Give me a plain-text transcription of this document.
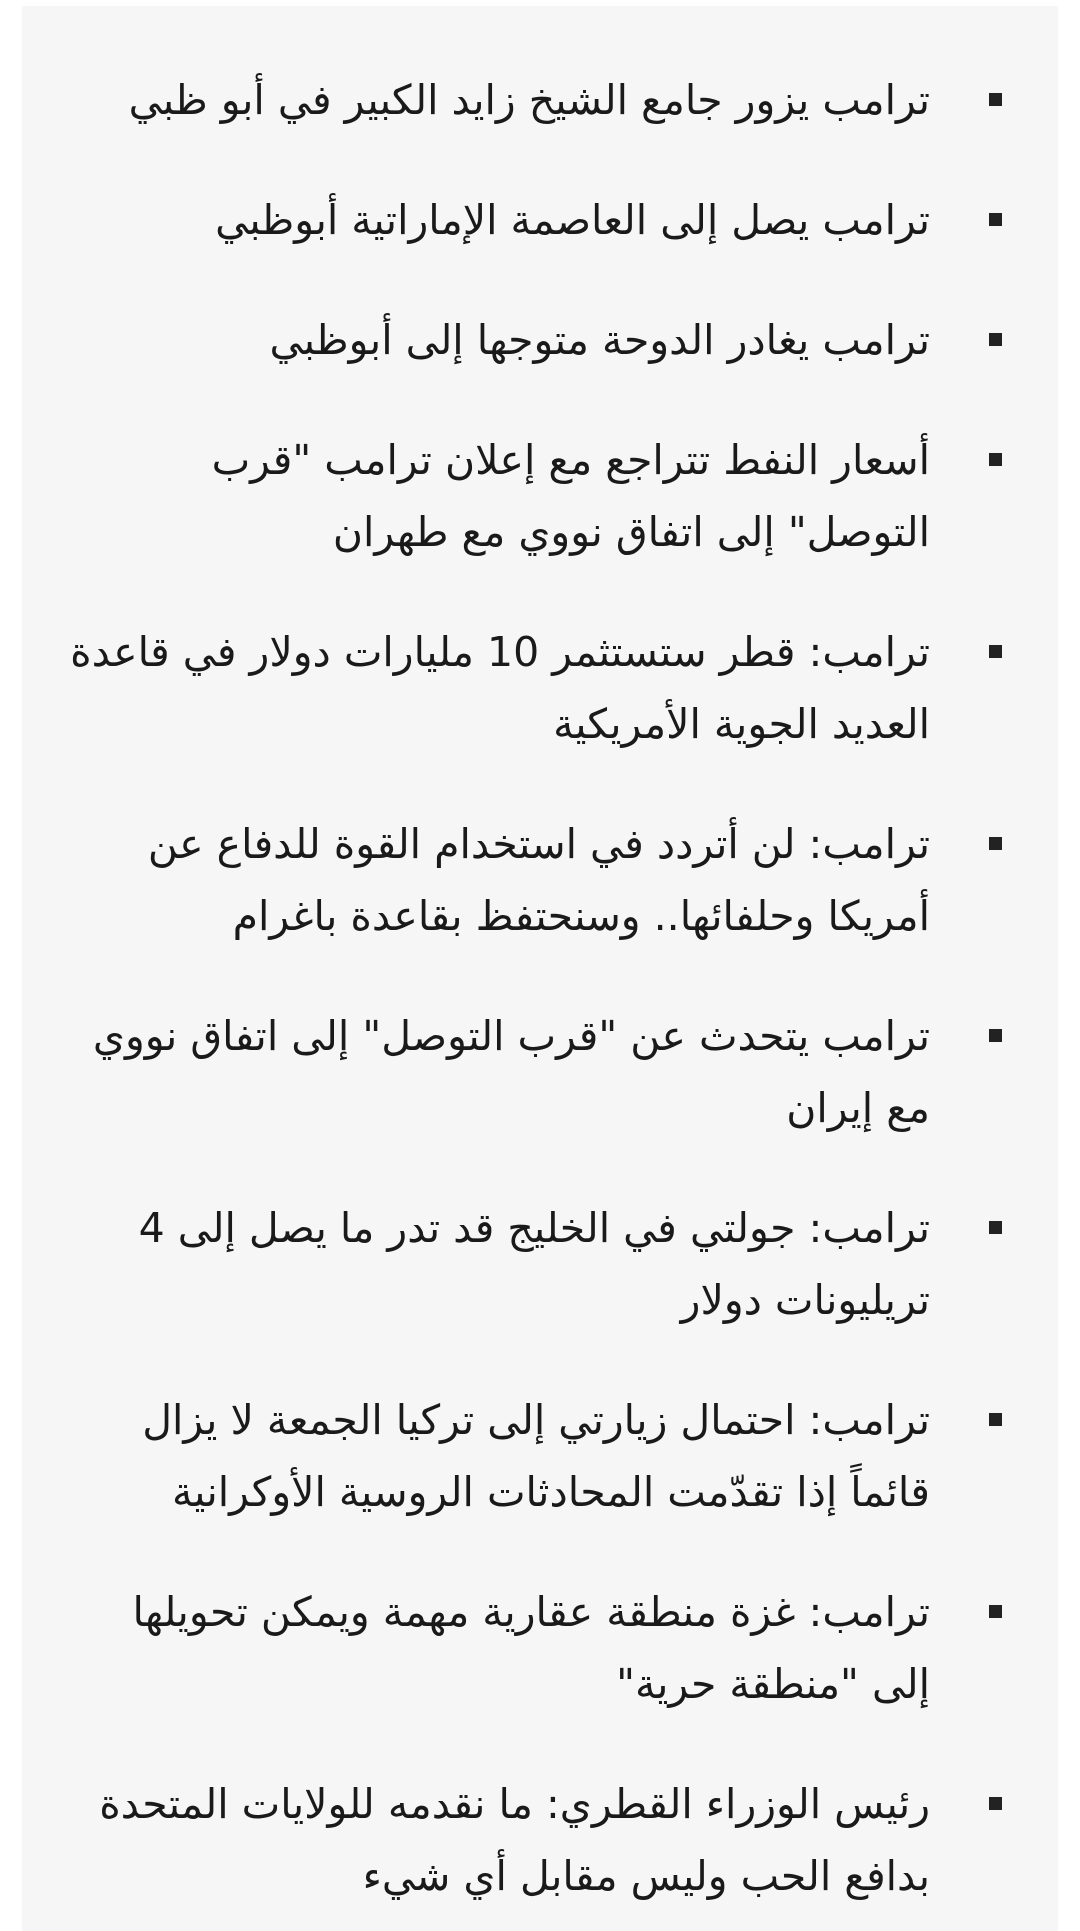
ترامب يزور جامع الشيخ زايد الكبير في أبو ظبي
ترامب يصل إلى العاصمة الإماراتية أبوظبي
ترامب يغادر الدوحة متوجها إلى أبوظبي
أسعار النفط تتراجع مع إعلان ترامب "قرب التوصل" إلى اتفاق نووي مع طهران
ترامب: قطر ستستثمر 10 مليارات دولار في قاعدة العديد الجوية الأمريكية
ترامب: لن أتردد في استخدام القوة للدفاع عن أمريكا وحلفائها.. وسنحتفظ بقاعدة باغرام
ترامب يتحدث عن "قرب التوصل" إلى اتفاق نووي مع إيران
ترامب: جولتي في الخليج قد تدر ما يصل إلى 4 تريليونات دولار
ترامب: احتمال زيارتي إلى تركيا الجمعة لا يزال قائماً إذا تقدّمت المحادثات الروسية الأوكرانية
ترامب: غزة منطقة عقارية مهمة ويمكن تحويلها إلى "منطقة حرية"
رئيس الوزراء القطري: ما نقدمه للولايات المتحدة بدافع الحب وليس مقابل أي شيء
